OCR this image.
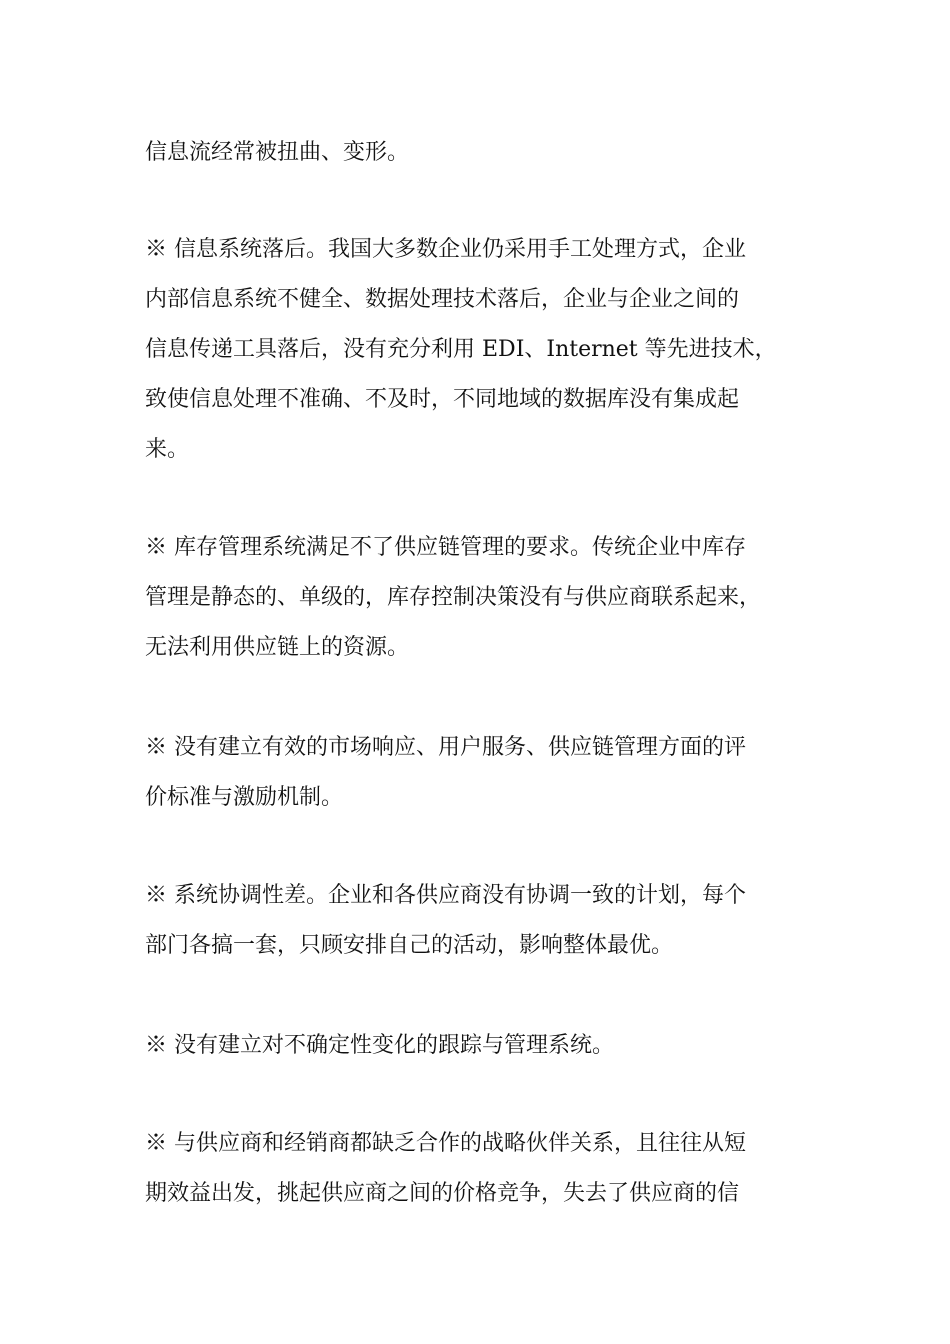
信息流经常被扭曲、变形。
※ 信息系统落后。我国大多数企业仍采用手工处理方式，企业
内部信息系统不健全、数据处理技术落后，企业与企业之间的
信息传递工具落后，没有充分利用 EDI、Internet 等先进技术，
致使信息处理不准确、不及时，不同地域的数据库没有集成起
来。
※ 库存管理系统满足不了供应链管理的要求。传统企业中库存
管理是静态的、单级的，库存控制决策没有与供应商联系起来，
无法利用供应链上的资源。
※ 没有建立有效的市场响应、用户服务、供应链管理方面的评
价标准与激励机制。
※ 系统协调性差。企业和各供应商没有协调一致的计划，每个
部门各搞一套，只顾安排自己的活动，影响整体最优。
※ 没有建立对不确定性变化的跟踪与管理系统。
※ 与供应商和经销商都缺乏合作的战略伙伴关系，且往往从短
期效益出发，挑起供应商之间的价格竞争，失去了供应商的信
